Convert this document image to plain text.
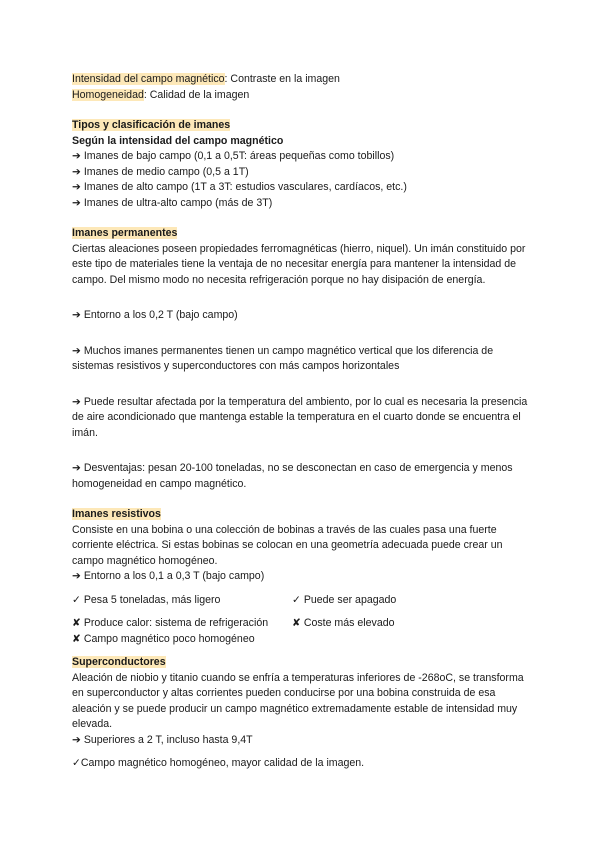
Intensidad del campo magnético: Contraste en la imagen

Homogeneidad: Calidad de la imagen

Tipos y clasificación de imanes

Según la intensidad del campo magnético

➔ Imanes de bajo campo (0,1 a 0,5T: áreas pequeñas como tobillos)

➔ Imanes de medio campo (0,5 a 1T)

➔ Imanes de alto campo (1T a 3T: estudios vasculares, cardíacos, etc.)

➔ Imanes de ultra-alto campo (más de 3T)

Imanes permanentes

Ciertas aleaciones poseen propiedades ferromagnéticas (hierro, niquel). Un imán constituido por este tipo de materiales tiene la ventaja de no necesitar energía para mantener la intensidad de campo. Del mismo modo no necesita refrigeración porque no hay disipación de energía.

➔ Entorno a los 0,2 T (bajo campo)

➔ Muchos imanes permanentes tienen un campo magnético vertical que los diferencia de sistemas resistivos y superconductores con más campos horizontales

➔ Puede resultar afectada por la temperatura del ambiento, por lo cual es necesaria la presencia de aire acondicionado que mantenga estable la temperatura en el cuarto donde se encuentra el imán.

➔ Desventajas: pesan 20-100 toneladas, no se desconectan en caso de emergencia y menos homogeneidad en campo magnético.

Imanes resistivos

Consiste en una bobina o una colección de bobinas a través de las cuales pasa una fuerte corriente eléctrica. Si estas bobinas se colocan en una geometría adecuada puede crear un campo magnético homogéneo.

➔ Entorno a los 0,1 a 0,3 T (bajo campo)

✓ Pesa 5 toneladas, más ligero	✓ Puede ser apagado

✘ Produce calor: sistema de refrigeración	✘ Coste más elevado

✘ Campo magnético poco homogéneo

Superconductores

Aleación de niobio y titanio cuando se enfría a temperaturas inferiores de -268oC, se transforma en superconductor y altas corrientes pueden conducirse por una bobina construida de esa aleación y se puede producir un campo magnético extremadamente estable de intensidad muy elevada.

➔ Superiores a 2 T, incluso hasta 9,4T

✓Campo magnético homogéneo, mayor calidad de la imagen.
